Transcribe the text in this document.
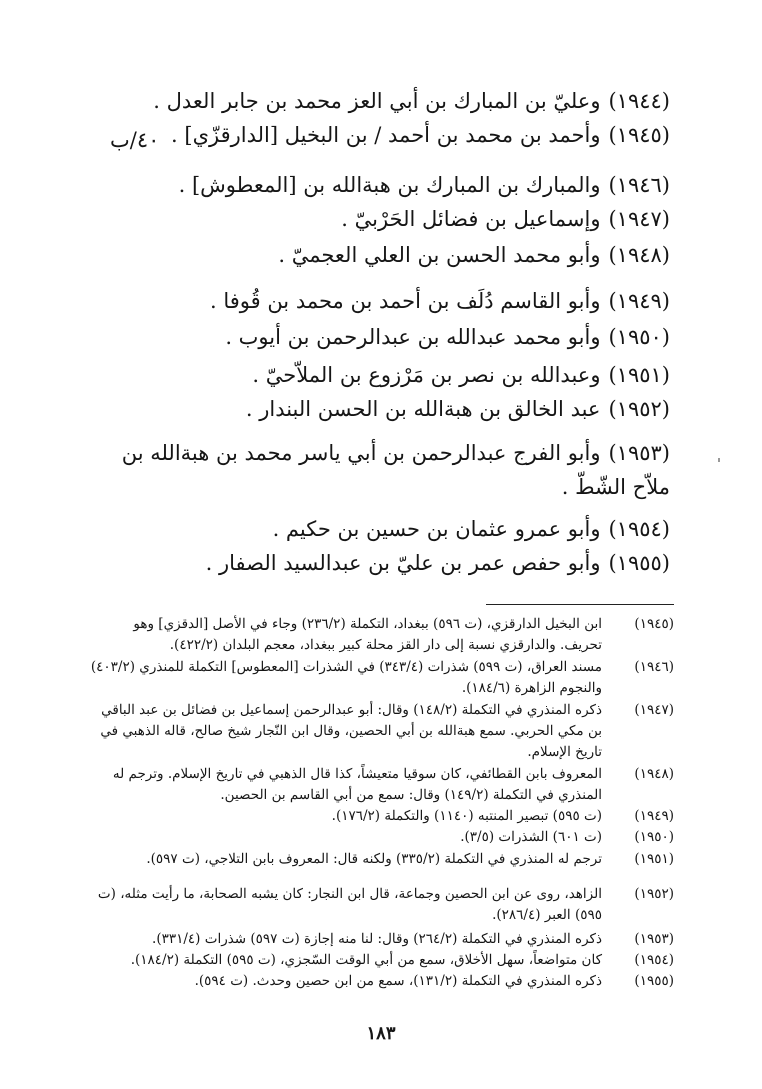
(١٩٤٤)وعليّ بن المبارك بن أبي العز محمد بن جابر العدل .
(١٩٤٥)وأحمد بن محمد بن أحمد / بن البخيل [الدارقزّي] .
٤٠/ب
(١٩٤٦)والمبارك بن المبارك بن هبةالله بن [المعطوش] .
(١٩٤٧)وإسماعيل بن فضائل الحَرْبيّ .
(١٩٤٨)وأبو محمد الحسن بن العلي العجميّ .
(١٩٤٩)وأبو القاسم دُلَف بن أحمد بن محمد بن قُوفا .
(١٩٥٠)وأبو محمد عبدالله بن عبدالرحمن بن أيوب .
(١٩٥١)وعبدالله بن نصر بن مَرْزوع بن الملاّحيّ .
(١٩٥٢)عبد الخالق بن هبةالله بن الحسن البندار .
(١٩٥٣)وأبو الفرج عبدالرحمن بن أبي ياسر محمد بن هبةالله بن ملاّح الشّطّ .
(١٩٥٤)وأبو عمرو عثمان بن حسين بن حكيم .
(١٩٥٥)وأبو حفص عمر بن عليّ بن عبدالسيد الصفار .
(١٩٤٥)
ابن البخيل الدارقزي، (ت ٥٩٦) ببغداد، التكملة (٢٣٦/٢) وجاء في الأصل [الدقزي] وهو تحريف. والدارقزي نسبة إلى دار القز محلة كبير ببغداد، معجم البلدان (٤٢٢/٢).
(١٩٤٦)
مسند العراق، (ت ٥٩٩) شذرات (٣٤٣/٤) في الشذرات [المعطوس] التكملة للمنذري (٤٠٣/٢) والنجوم الزاهرة (١٨٤/٦).
(١٩٤٧)
ذكره المنذري في التكملة (١٤٨/٢) وقال: أبو عبدالرحمن إسماعيل بن فضائل بن عبد الباقي بن مكي الحربي. سمع هبةالله بن أبي الحصين، وقال ابن النّجار شيخ صالح، قاله الذهبي في تاريخ الإسلام.
(١٩٤٨)
المعروف بابن القطائفي، كان سوقيا متعيشاً، كذا قال الذهبي في تاريخ الإسلام. وترجم له المنذري في التكملة (١٤٩/٢) وقال: سمع من أبي القاسم بن الحصين.
(١٩٤٩)
(ت ٥٩٥) تبصير المنتبه (١١٤٠) والتكملة (١٧٦/٢).
(١٩٥٠)
(ت ٦٠١) الشذرات (٣/٥).
(١٩٥١)
ترجم له المنذري في التكملة (٣٣٥/٢) ولكنه قال: المعروف بابن التلاجي، (ت ٥٩٧).
(١٩٥٢)
الزاهد، روى عن ابن الحصين وجماعة، قال ابن النجار: كان يشبه الصحابة، ما رأيت مثله، (ت ٥٩٥) العبر (٢٨٦/٤).
(١٩٥٣)
ذكره المنذري في التكملة (٢٦٤/٢) وقال: لنا منه إجازة (ت ٥٩٧) شذرات (٣٣١/٤).
(١٩٥٤)
كان متواضعاً، سهل الأخلاق، سمع من أبي الوقت السّجزي، (ت ٥٩٥) التكملة (١٨٤/٢).
(١٩٥٥)
ذكره المنذري في التكملة (١٣١/٢)، سمع من ابن حصين وحدث. (ت ٥٩٤).
١٨٣
